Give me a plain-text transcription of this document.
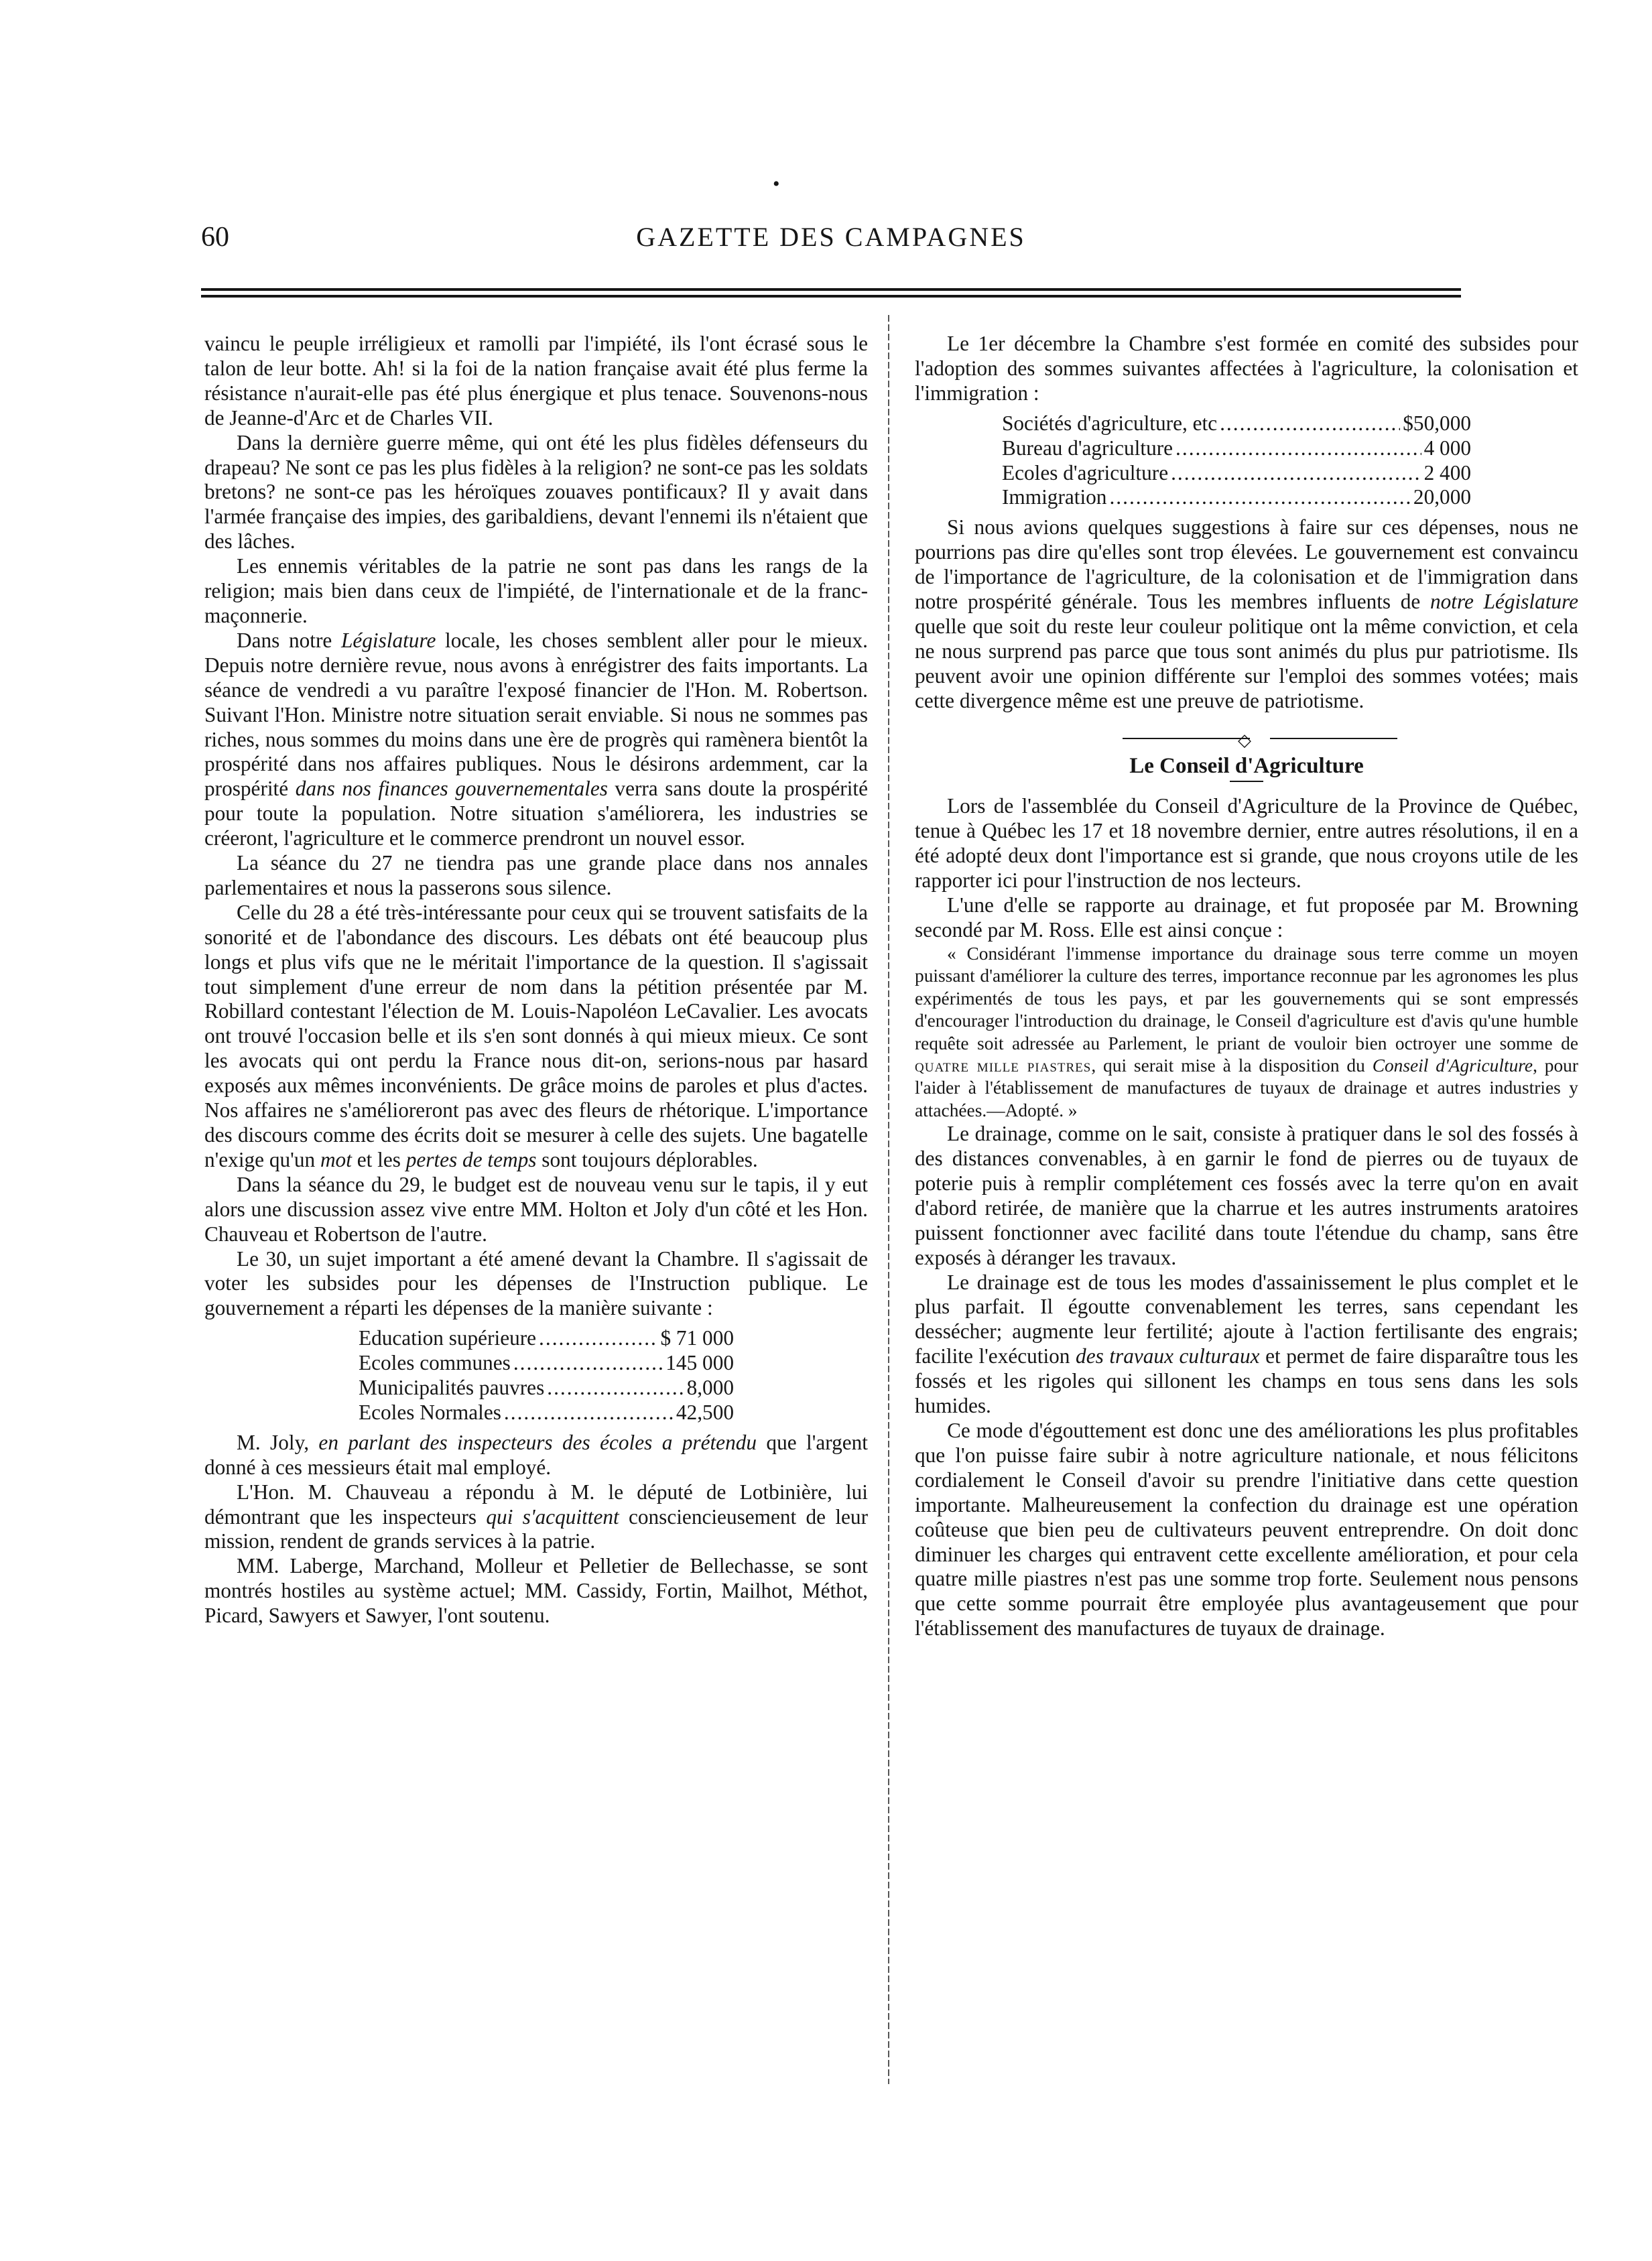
•
60	GAZETTE DES CAMPAGNES

vaincu le peuple irréligieux et ramolli par l'impiété, ils l'ont écrasé sous le talon de leur botte. Ah! si la foi de la nation française avait été plus ferme la résistance n'aurait-elle pas été plus énergique et plus tenace. Souvenons-nous de Jeanne-d'Arc et de Charles VII.

Dans la dernière guerre même, qui ont été les plus fidèles défenseurs du drapeau? Ne sont ce pas les plus fidèles à la religion? ne sont-ce pas les soldats bretons? ne sont-ce pas les héroïques zouaves pontificaux? Il y avait dans l'armée française des impies, des garibaldiens, devant l'ennemi ils n'étaient que des lâches.

Les ennemis véritables de la patrie ne sont pas dans les rangs de la religion; mais bien dans ceux de l'impiété, de l'internationale et de la franc-maçonnerie.

Dans notre Législature locale, les choses semblent aller pour le mieux. Depuis notre dernière revue, nous avons à enrégistrer des faits importants. La séance de vendredi a vu paraître l'exposé financier de l'Hon. M. Robertson. Suivant l'Hon. Ministre notre situation serait enviable. Si nous ne sommes pas riches, nous sommes du moins dans une ère de progrès qui ramènera bientôt la prospérité dans nos affaires publiques. Nous le désirons ardemment, car la prospérité dans nos finances gouvernementales verra sans doute la prospérité pour toute la population. Notre situation s'améliorera, les industries se créeront, l'agriculture et le commerce prendront un nouvel essor.

La séance du 27 ne tiendra pas une grande place dans nos annales parlementaires et nous la passerons sous silence.

Celle du 28 a été très-intéressante pour ceux qui se trouvent satisfaits de la sonorité et de l'abondance des discours. Les débats ont été beaucoup plus longs et plus vifs que ne le méritait l'importance de la question. Il s'agissait tout simplement d'une erreur de nom dans la pétition présentée par M. Robillard contestant l'élection de M. Louis-Napoléon LeCavalier. Les avocats ont trouvé l'occasion belle et ils s'en sont donnés à qui mieux mieux. Ce sont les avocats qui ont perdu la France nous dit-on, serions-nous par hasard exposés aux mêmes inconvénients. De grâce moins de paroles et plus d'actes. Nos affaires ne s'amélioreront pas avec des fleurs de rhétorique. L'importance des discours comme des écrits doit se mesurer à celle des sujets. Une bagatelle n'exige qu'un mot et les pertes de temps sont toujours déplorables.

Dans la séance du 29, le budget est de nouveau venu sur le tapis, il y eut alors une discussion assez vive entre MM. Holton et Joly d'un côté et les Hon. Chauveau et Robertson de l'autre.

Le 30, un sujet important a été amené devant la Chambre. Il s'agissait de voter les subsides pour les dépenses de l'Instruction publique. Le gouvernement a réparti les dépenses de la manière suivante :

Education supérieure .....	$ 71 000
Ecoles communes .....	145 000
Municipalités pauvres .....	8,000
Ecoles Normales .....	42,500

M. Joly, en parlant des inspecteurs des écoles a prétendu que l'argent donné à ces messieurs était mal employé.

L'Hon. M. Chauveau a répondu à M. le député de Lotbinière, lui démontrant que les inspecteurs qui s'acquittent consciencieusement de leur mission, rendent de grands services à la patrie.

MM. Laberge, Marchand, Molleur et Pelletier de Bellechasse, se sont montrés hostiles au système actuel; MM. Cassidy, Fortin, Mailhot, Méthot, Picard, Sawyers et Sawyer, l'ont soutenu.

Le 1er décembre la Chambre s'est formée en comité des subsides pour l'adoption des sommes suivantes affectées à l'agriculture, la colonisation et l'immigration :

Sociétés d'agriculture, etc .....	$50,000
Bureau d'agriculture .....	4 000
Ecoles d'agriculture .....	2 400
Immigration .....	20,000

Si nous avions quelques suggestions à faire sur ces dépenses, nous ne pourrions pas dire qu'elles sont trop élevées. Le gouvernement est convaincu de l'importance de l'agriculture, de la colonisation et de l'immigration dans notre prospérité générale. Tous les membres influents de notre Législature quelle que soit du reste leur couleur politique ont la même conviction, et cela ne nous surprend pas parce que tous sont animés du plus pur patriotisme. Ils peuvent avoir une opinion différente sur l'emploi des sommes votées; mais cette divergence même est une preuve de patriotisme.

◇
Le Conseil d'Agriculture

Lors de l'assemblée du Conseil d'Agriculture de la Province de Québec, tenue à Québec les 17 et 18 novembre dernier, entre autres résolutions, il en a été adopté deux dont l'importance est si grande, que nous croyons utile de les rapporter ici pour l'instruction de nos lecteurs.

L'une d'elle se rapporte au drainage, et fut proposée par M. Browning secondé par M. Ross. Elle est ainsi conçue :

« Considérant l'immense importance du drainage sous terre comme un moyen puissant d'améliorer la culture des terres, importance reconnue par les agronomes les plus expérimentés de tous les pays, et par les gouvernements qui se sont empressés d'encourager l'introduction du drainage, le Conseil d'agriculture est d'avis qu'une humble requête soit adressée au Parlement, le priant de vouloir bien octroyer une somme de quatre mille piastres, qui serait mise à la disposition du Conseil d'Agriculture, pour l'aider à l'établissement de manufactures de tuyaux de drainage et autres industries y attachées.—Adopté. »

Le drainage, comme on le sait, consiste à pratiquer dans le sol des fossés à des distances convenables, à en garnir le fond de pierres ou de tuyaux de poterie puis à remplir complétement ces fossés avec la terre qu'on en avait d'abord retirée, de manière que la charrue et les autres instruments aratoires puissent fonctionner avec facilité dans toute l'étendue du champ, sans être exposés à déranger les travaux.

Le drainage est de tous les modes d'assainissement le plus complet et le plus parfait. Il égoutte convenablement les terres, sans cependant les dessécher; augmente leur fertilité; ajoute à l'action fertilisante des engrais; facilite l'exécution des travaux culturaux et permet de faire disparaître tous les fossés et les rigoles qui sillonent les champs en tous sens dans les sols humides.

Ce mode d'égouttement est donc une des améliorations les plus profitables que l'on puisse faire subir à notre agriculture nationale, et nous félicitons cordialement le Conseil d'avoir su prendre l'initiative dans cette question importante. Malheureusement la confection du drainage est une opération coûteuse que bien peu de cultivateurs peuvent entreprendre. On doit donc diminuer les charges qui entravent cette excellente amélioration, et pour cela quatre mille piastres n'est pas une somme trop forte. Seulement nous pensons que cette somme pourrait être employée plus avantageusement que pour l'établissement des manufactures de tuyaux de drainage.
